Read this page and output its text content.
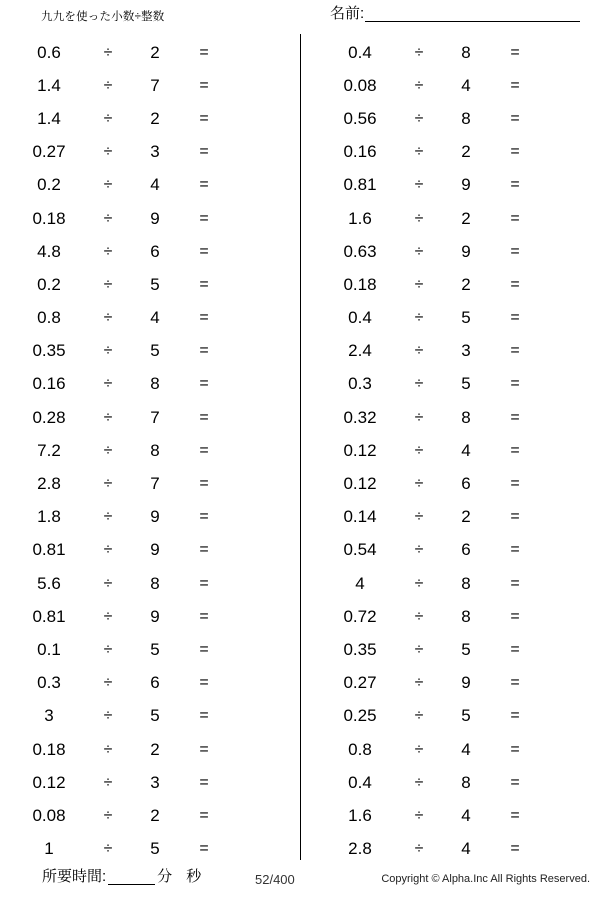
九九を使った小数÷整数	名前:
0.6	÷	2	=
1.4	÷	7	=
1.4	÷	2	=
0.27	÷	3	=
0.2	÷	4	=
0.18	÷	9	=
4.8	÷	6	=
0.2	÷	5	=
0.8	÷	4	=
0.35	÷	5	=
0.16	÷	8	=
0.28	÷	7	=
7.2	÷	8	=
2.8	÷	7	=
1.8	÷	9	=
0.81	÷	9	=
5.6	÷	8	=
0.81	÷	9	=
0.1	÷	5	=
0.3	÷	6	=
3	÷	5	=
0.18	÷	2	=
0.12	÷	3	=
0.08	÷	2	=
1	÷	5	=
0.4	÷	8	=
0.08	÷	4	=
0.56	÷	8	=
0.16	÷	2	=
0.81	÷	9	=
1.6	÷	2	=
0.63	÷	9	=
0.18	÷	2	=
0.4	÷	5	=
2.4	÷	3	=
0.3	÷	5	=
0.32	÷	8	=
0.12	÷	4	=
0.12	÷	6	=
0.14	÷	2	=
0.54	÷	6	=
4	÷	8	=
0.72	÷	8	=
0.35	÷	5	=
0.27	÷	9	=
0.25	÷	5	=
0.8	÷	4	=
0.4	÷	8	=
1.6	÷	4	=
2.8	÷	4	=
所要時間:	分 秒	52/400	Copyright © Alpha.Inc All Rights Reserved.
